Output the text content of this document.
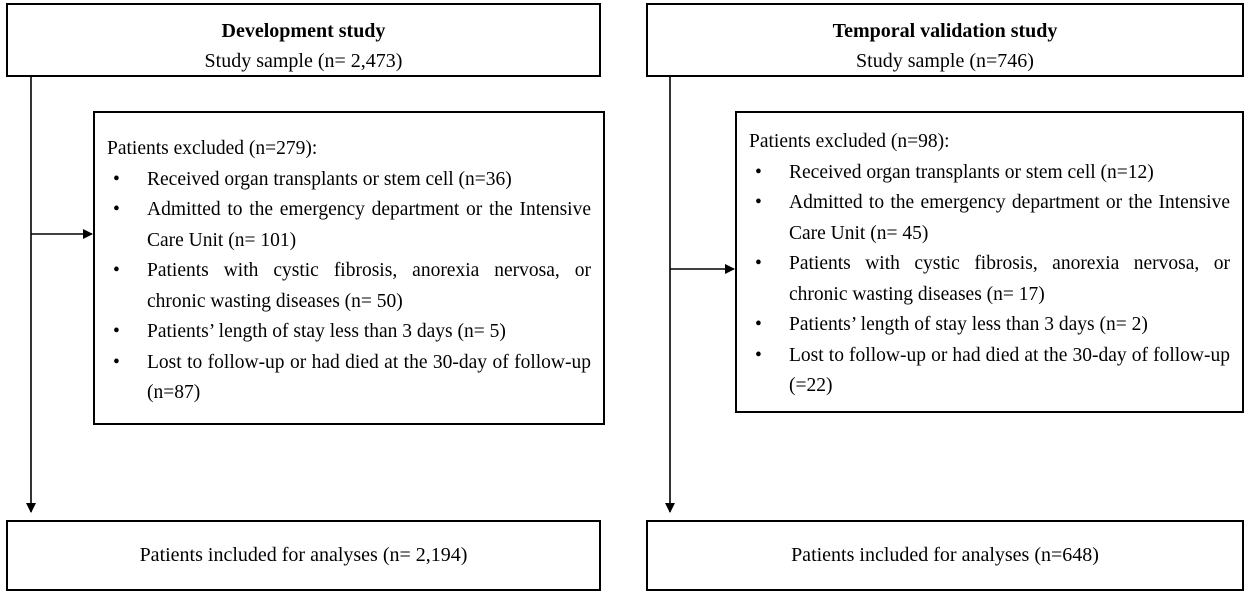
Development study
Study sample (n= 2,473)
Patients excluded (n=279):
• Received organ transplants or stem cell (n=36)
• Admitted to the emergency department or the Intensive Care Unit (n= 101)
• Patients with cystic fibrosis, anorexia nervosa, or chronic wasting diseases (n= 50)
• Patients’ length of stay less than 3 days (n= 5)
• Lost to follow-up or had died at the 30-day of follow-up (n=87)
Patients included for analyses (n= 2,194)
Temporal validation study
Study sample (n=746)
Patients excluded (n=98):
• Received organ transplants or stem cell (n=12)
• Admitted to the emergency department or the Intensive Care Unit (n= 45)
• Patients with cystic fibrosis, anorexia nervosa, or chronic wasting diseases (n= 17)
• Patients’ length of stay less than 3 days (n= 2)
• Lost to follow-up or had died at the 30-day of follow-up (=22)
Patients included for analyses (n=648)
